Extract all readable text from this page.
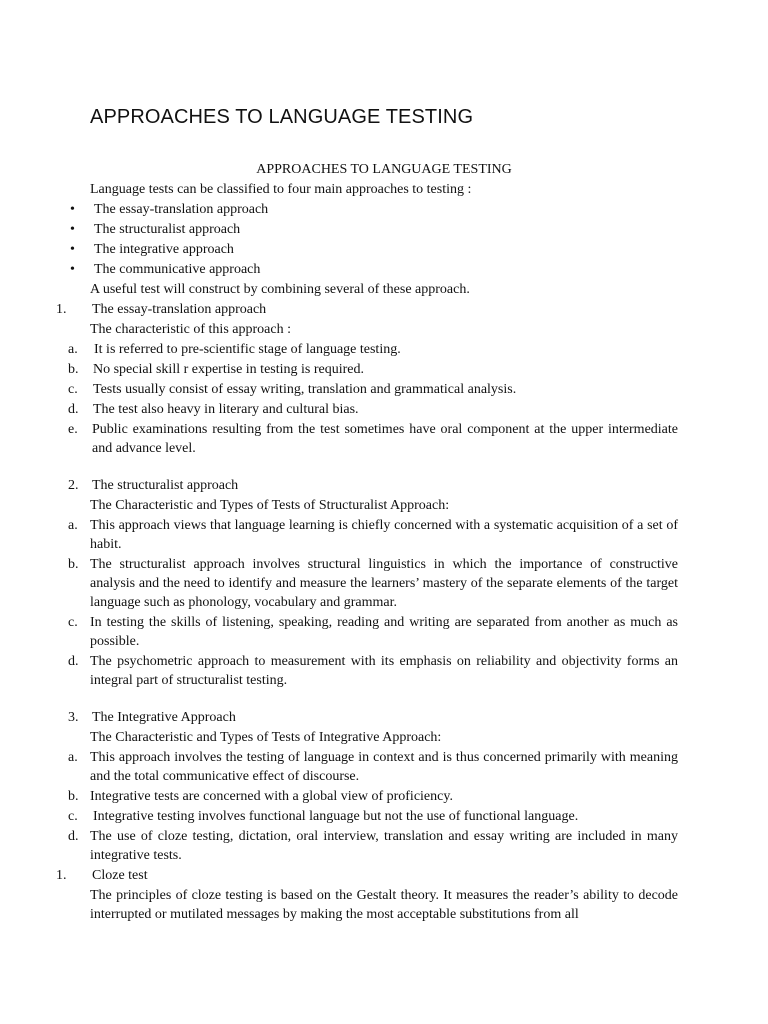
APPROACHES TO LANGUAGE TESTING
APPROACHES TO LANGUAGE TESTING
Language tests can be classified to four main approaches to testing :
• The essay-translation approach
• The structuralist approach
• The integrative approach
• The communicative approach
A useful test will construct by combining several of these approach.
1. The essay-translation approach
The characteristic of this approach :
a. It is referred to pre-scientific stage of language testing.
b. No special skill r expertise in testing is required.
c. Tests usually consist of essay writing, translation and grammatical analysis.
d. The test also heavy in literary and cultural bias.
e. Public examinations resulting from the test sometimes have oral component at the upper intermediate and advance level.
2. The structuralist approach
The Characteristic and Types of Tests of Structuralist Approach:
a. This approach views that language learning is chiefly concerned with a systematic acquisition of a set of habit.
b. The structuralist approach involves structural linguistics in which the importance of constructive analysis and the need to identify and measure the learners’ mastery of the separate elements of the target language such as phonology, vocabulary and grammar.
c. In testing the skills of listening, speaking, reading and writing are separated from another as much as possible.
d. The psychometric approach to measurement with its emphasis on reliability and objectivity forms an integral part of structuralist testing.
3. The Integrative Approach
The Characteristic and Types of Tests of Integrative Approach:
a. This approach involves the testing of language in context and is thus concerned primarily with meaning and the total communicative effect of discourse.
b. Integrative tests are concerned with a global view of proficiency.
c. Integrative testing involves functional language but not the use of functional language.
d. The use of cloze testing, dictation, oral interview, translation and essay writing are included in many integrative tests.
1. Cloze test
The principles of cloze testing is based on the Gestalt theory. It measures the reader’s ability to decode interrupted or mutilated messages by making the most acceptable substitutions from all
